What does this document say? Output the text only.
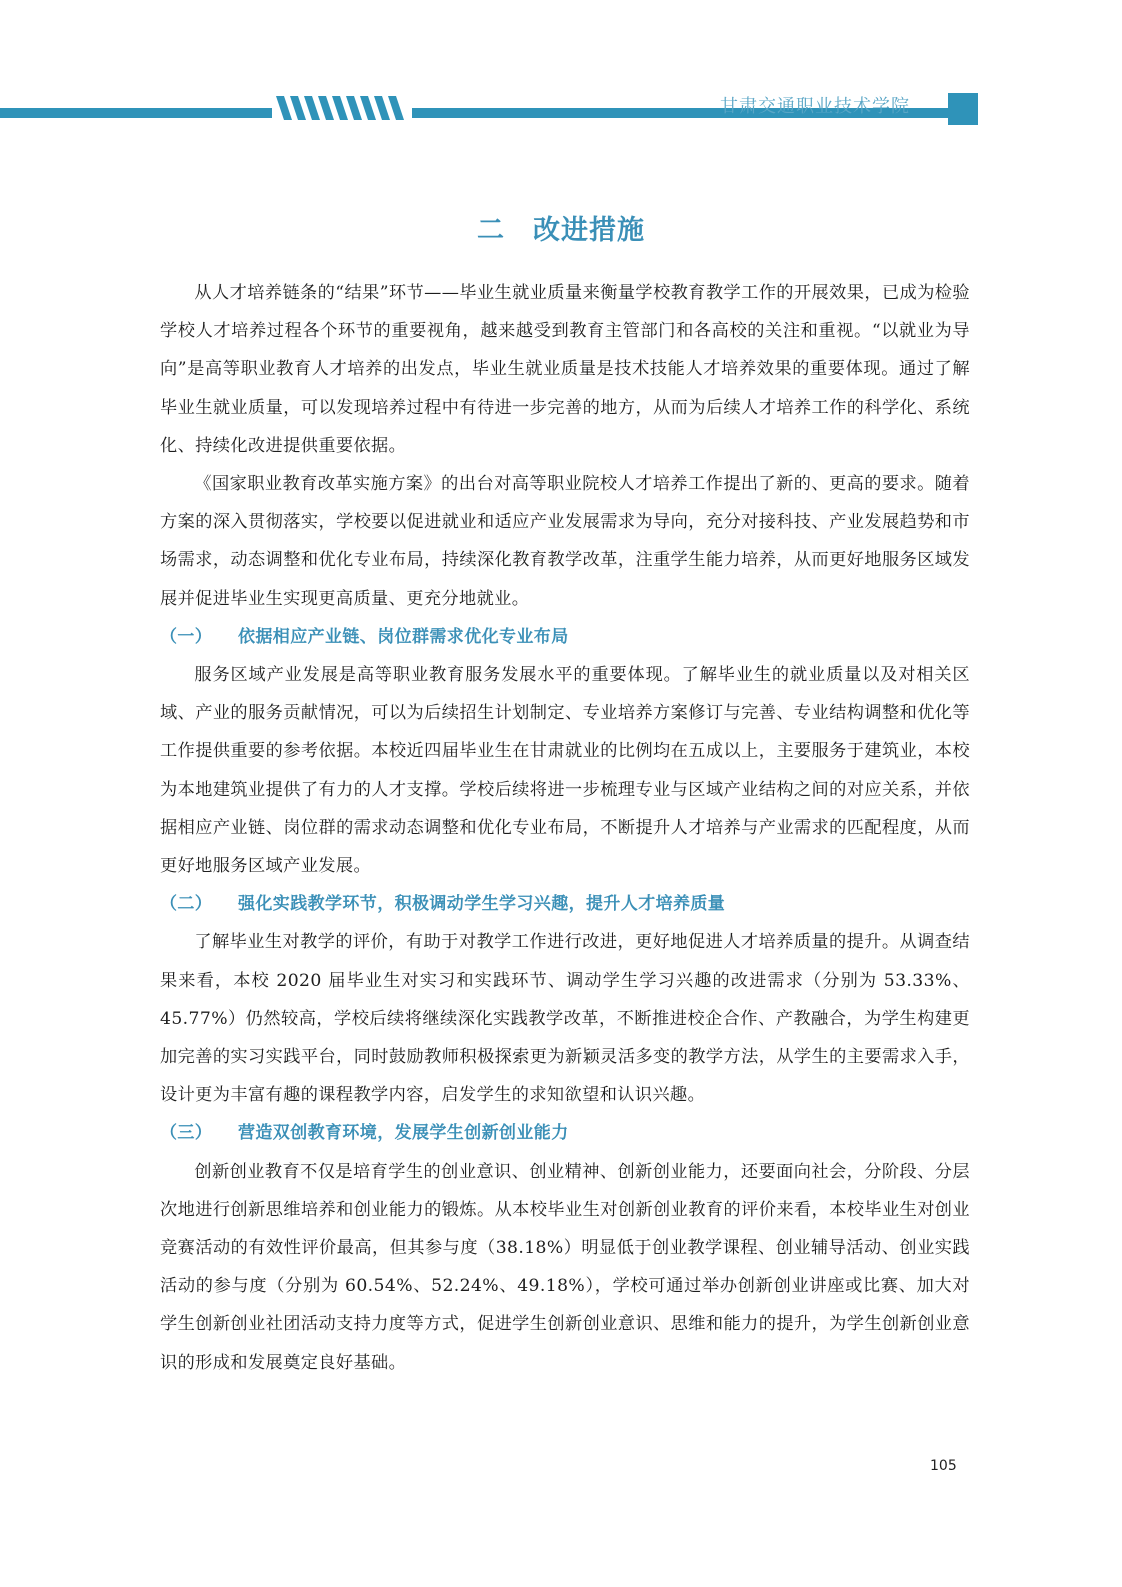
甘肃交通职业技术学院
二　改进措施

从人才培养链条的“结果”环节——毕业生就业质量来衡量学校教育教学工作的开展效果，已成为检验学校人才培养过程各个环节的重要视角，越来越受到教育主管部门和各高校的关注和重视。“以就业为导向”是高等职业教育人才培养的出发点，毕业生就业质量是技术技能人才培养效果的重要体现。通过了解毕业生就业质量，可以发现培养过程中有待进一步完善的地方，从而为后续人才培养工作的科学化、系统化、持续化改进提供重要依据。

《国家职业教育改革实施方案》的出台对高等职业院校人才培养工作提出了新的、更高的要求。随着方案的深入贯彻落实，学校要以促进就业和适应产业发展需求为导向，充分对接科技、产业发展趋势和市场需求，动态调整和优化专业布局，持续深化教育教学改革，注重学生能力培养，从而更好地服务区域发展并促进毕业生实现更高质量、更充分地就业。

（一） 依据相应产业链、岗位群需求优化专业布局

服务区域产业发展是高等职业教育服务发展水平的重要体现。了解毕业生的就业质量以及对相关区域、产业的服务贡献情况，可以为后续招生计划制定、专业培养方案修订与完善、专业结构调整和优化等工作提供重要的参考依据。本校近四届毕业生在甘肃就业的比例均在五成以上，主要服务于建筑业，本校为本地建筑业提供了有力的人才支撑。学校后续将进一步梳理专业与区域产业结构之间的对应关系，并依据相应产业链、岗位群的需求动态调整和优化专业布局，不断提升人才培养与产业需求的匹配程度，从而更好地服务区域产业发展。

（二） 强化实践教学环节，积极调动学生学习兴趣，提升人才培养质量

了解毕业生对教学的评价，有助于对教学工作进行改进，更好地促进人才培养质量的提升。从调查结果来看，本校 2020 届毕业生对实习和实践环节、调动学生学习兴趣的改进需求（分别为 53.33%、45.77%）仍然较高，学校后续将继续深化实践教学改革，不断推进校企合作、产教融合，为学生构建更加完善的实习实践平台，同时鼓励教师积极探索更为新颖灵活多变的教学方法，从学生的主要需求入手，设计更为丰富有趣的课程教学内容，启发学生的求知欲望和认识兴趣。

（三） 营造双创教育环境，发展学生创新创业能力

创新创业教育不仅是培育学生的创业意识、创业精神、创新创业能力，还要面向社会，分阶段、分层次地进行创新思维培养和创业能力的锻炼。从本校毕业生对创新创业教育的评价来看，本校毕业生对创业竞赛活动的有效性评价最高，但其参与度（38.18%）明显低于创业教学课程、创业辅导活动、创业实践活动的参与度（分别为 60.54%、52.24%、49.18%），学校可通过举办创新创业讲座或比赛、加大对学生创新创业社团活动支持力度等方式，促进学生创新创业意识、思维和能力的提升，为学生创新创业意识的形成和发展奠定良好基础。

105
